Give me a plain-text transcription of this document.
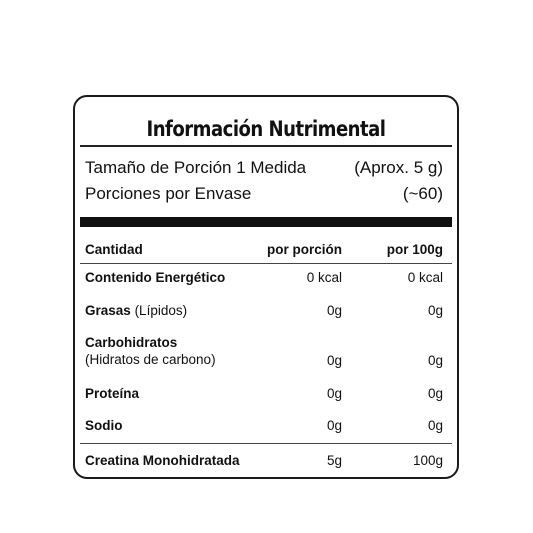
Información Nutrimental
Tamaño de Porción 1 Medida	(Aprox. 5 g)
Porciones por Envase	(~60)
Cantidad	por porción	por 100g
Contenido Energético	0 kcal	0 kcal
Grasas (Lípidos)	0g	0g
Carbohidratos
(Hidratos de carbono)	0g	0g
Proteína	0g	0g
Sodio	0g	0g
Creatina Monohidratada	5g	100g
